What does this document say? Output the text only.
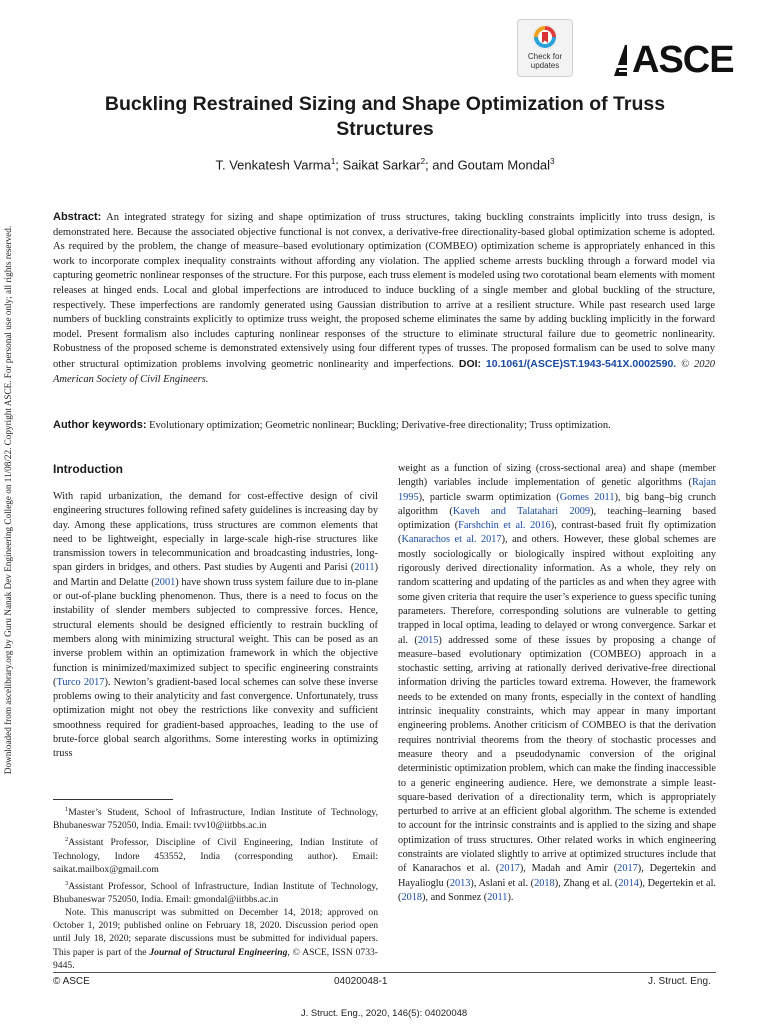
Downloaded from ascelibrary.org by Guru Nanak Dev Engineering College on 11/08/22. Copyright ASCE. For personal use only; all rights reserved.
Check for
updates	ASCE
Buckling Restrained Sizing and Shape Optimization of Truss Structures
T. Venkatesh Varma$^1$; Saikat Sarkar$^2$; and Goutam Mondal$^3$
Abstract: An integrated strategy for sizing and shape optimization of truss structures, taking buckling constraints implicitly into truss design, is demonstrated here. Because the associated objective functional is not convex, a derivative-free directionality-based global optimization scheme is adopted. As required by the problem, the change of measure–based evolutionary optimization (COMBEO) optimization scheme is appropriately enhanced in this work to incorporate complex inequality constraints without affording any violation. The applied scheme arrests buckling through a forward model via capturing geometric nonlinear responses of the structure. For this purpose, each truss element is modeled using two corotational beam elements with moment releases at hinged ends. Local and global imperfections are introduced to induce buckling of a single member and global buckling of the structure, respectively. These imperfections are randomly generated using Gaussian distribution to arrive at a resilient structure. While past research used large numbers of buckling constraints explicitly to optimize truss weight, the proposed scheme eliminates the same by adding buckling implicitly in the forward model. Present formalism also includes capturing nonlinear responses of the structure to eliminate structural failure due to geometric nonlinearity. Robustness of the proposed scheme is demonstrated extensively using four different types of trusses. The proposed formalism can be used to solve many other structural optimization problems involving geometric nonlinearity and imperfections. DOI: 10.1061/(ASCE)ST.1943-541X.0002590. © 2020 American Society of Civil Engineers.
Author keywords: Evolutionary optimization; Geometric nonlinear; Buckling; Derivative-free directionality; Truss optimization.
Introduction
With rapid urbanization, the demand for cost-effective design of civil engineering structures following refined safety guidelines is increasing day by day. Among these applications, truss structures are common elements that need to be lightweight, especially in large-scale high-rise structures like transmission towers in telecommunication and broadcasting industries, long-span girders in bridges, and others. Past studies by Augenti and Parisi (2011) and Martin and Delatte (2001) have shown truss system failure due to in-plane or out-of-plane buckling phenomenon. Thus, there is a need to focus on the instability of slender members subjected to compressive forces. Hence, structural elements should be designed efficiently to restrain buckling of members along with minimizing structural weight. This can be posed as an inverse problem within an optimization framework in which the objective function is minimized/maximized subject to specific engineering constraints (Turco 2017). Newton’s gradient-based local schemes can solve these inverse problems owing to their analyticity and fast convergence. Unfortunately, truss optimization might not obey the restrictions like convexity and sufficient smoothness required for gradient-based approaches, leading to the use of brute-force global search algorithms. Some interesting works in optimizing truss
weight as a function of sizing (cross-sectional area) and shape (member length) variables include implementation of genetic algorithms (Rajan 1995), particle swarm optimization (Gomes 2011), big bang–big crunch algorithm (Kaveh and Talatahari 2009), teaching–learning based optimization (Farshchin et al. 2016), contrast-based fruit fly optimization (Kanarachos et al. 2017), and others. However, these global schemes are mostly sociologically or biologically inspired without exploiting any rigorously derived directionality information. As a whole, they rely on random scattering and updating of the particles as and when they agree with some given criteria that require the user’s experience to guess specific tuning parameters. Therefore, corresponding solutions are vulnerable to getting trapped in local optima, leading to delayed or wrong convergence. Sarkar et al. (2015) addressed some of these issues by proposing a change of measure–based evolutionary optimization (COMBEO) approach in a stochastic setting, arriving at rationally derived derivative-free directional information driving the particles toward extrema. However, the framework needs to be extended on many fronts, especially in the context of handling intrinsic inequality constraints, which may appear in many important engineering problems. Another criticism of COMBEO is that the derivation requires nontrivial theorems from the theory of stochastic processes and measure theory and a pseudodynamic conversion of the original deterministic optimization problem, which can make the finding inaccessible to a generic engineering audience. Here, we demonstrate a simple least-square-based derivation of a directionality term, which is appropriately perturbed to arrive at an efficient global algorithm. The scheme is extended to account for the intrinsic constraints and is applied to the sizing and shape optimization of truss structures. Other related works in which engineering constraints are violated slightly to arrive at optimized structures include that of Kanarachos et al. (2017), Madah and Amir (2017), Degertekin and Hayalioglu (2013), Aslani et al. (2018), Zhang et al. (2014), Degertekin et al. (2018), and Sonmez (2011).

$^1$Master’s Student, School of Infrastructure, Indian Institute of Technology, Bhubaneswar 752050, India. Email: tvv10@iitbbs.ac.in

$^2$Assistant Professor, Discipline of Civil Engineering, Indian Institute of Technology, Indore 453552, India (corresponding author). Email: saikat.mailbox@gmail.com

$^3$Assistant Professor, School of Infrastructure, Indian Institute of Technology, Bhubaneswar 752050, India. Email: gmondal@iitbbs.ac.in

Note. This manuscript was submitted on December 14, 2018; approved on October 1, 2019; published online on February 18, 2020. Discussion period open until July 18, 2020; separate discussions must be submitted for individual papers. This paper is part of the Journal of Structural Engineering, © ASCE, ISSN 0733-9445.

© ASCE	04020048-1	J. Struct. Eng.
J. Struct. Eng., 2020, 146(5): 04020048
